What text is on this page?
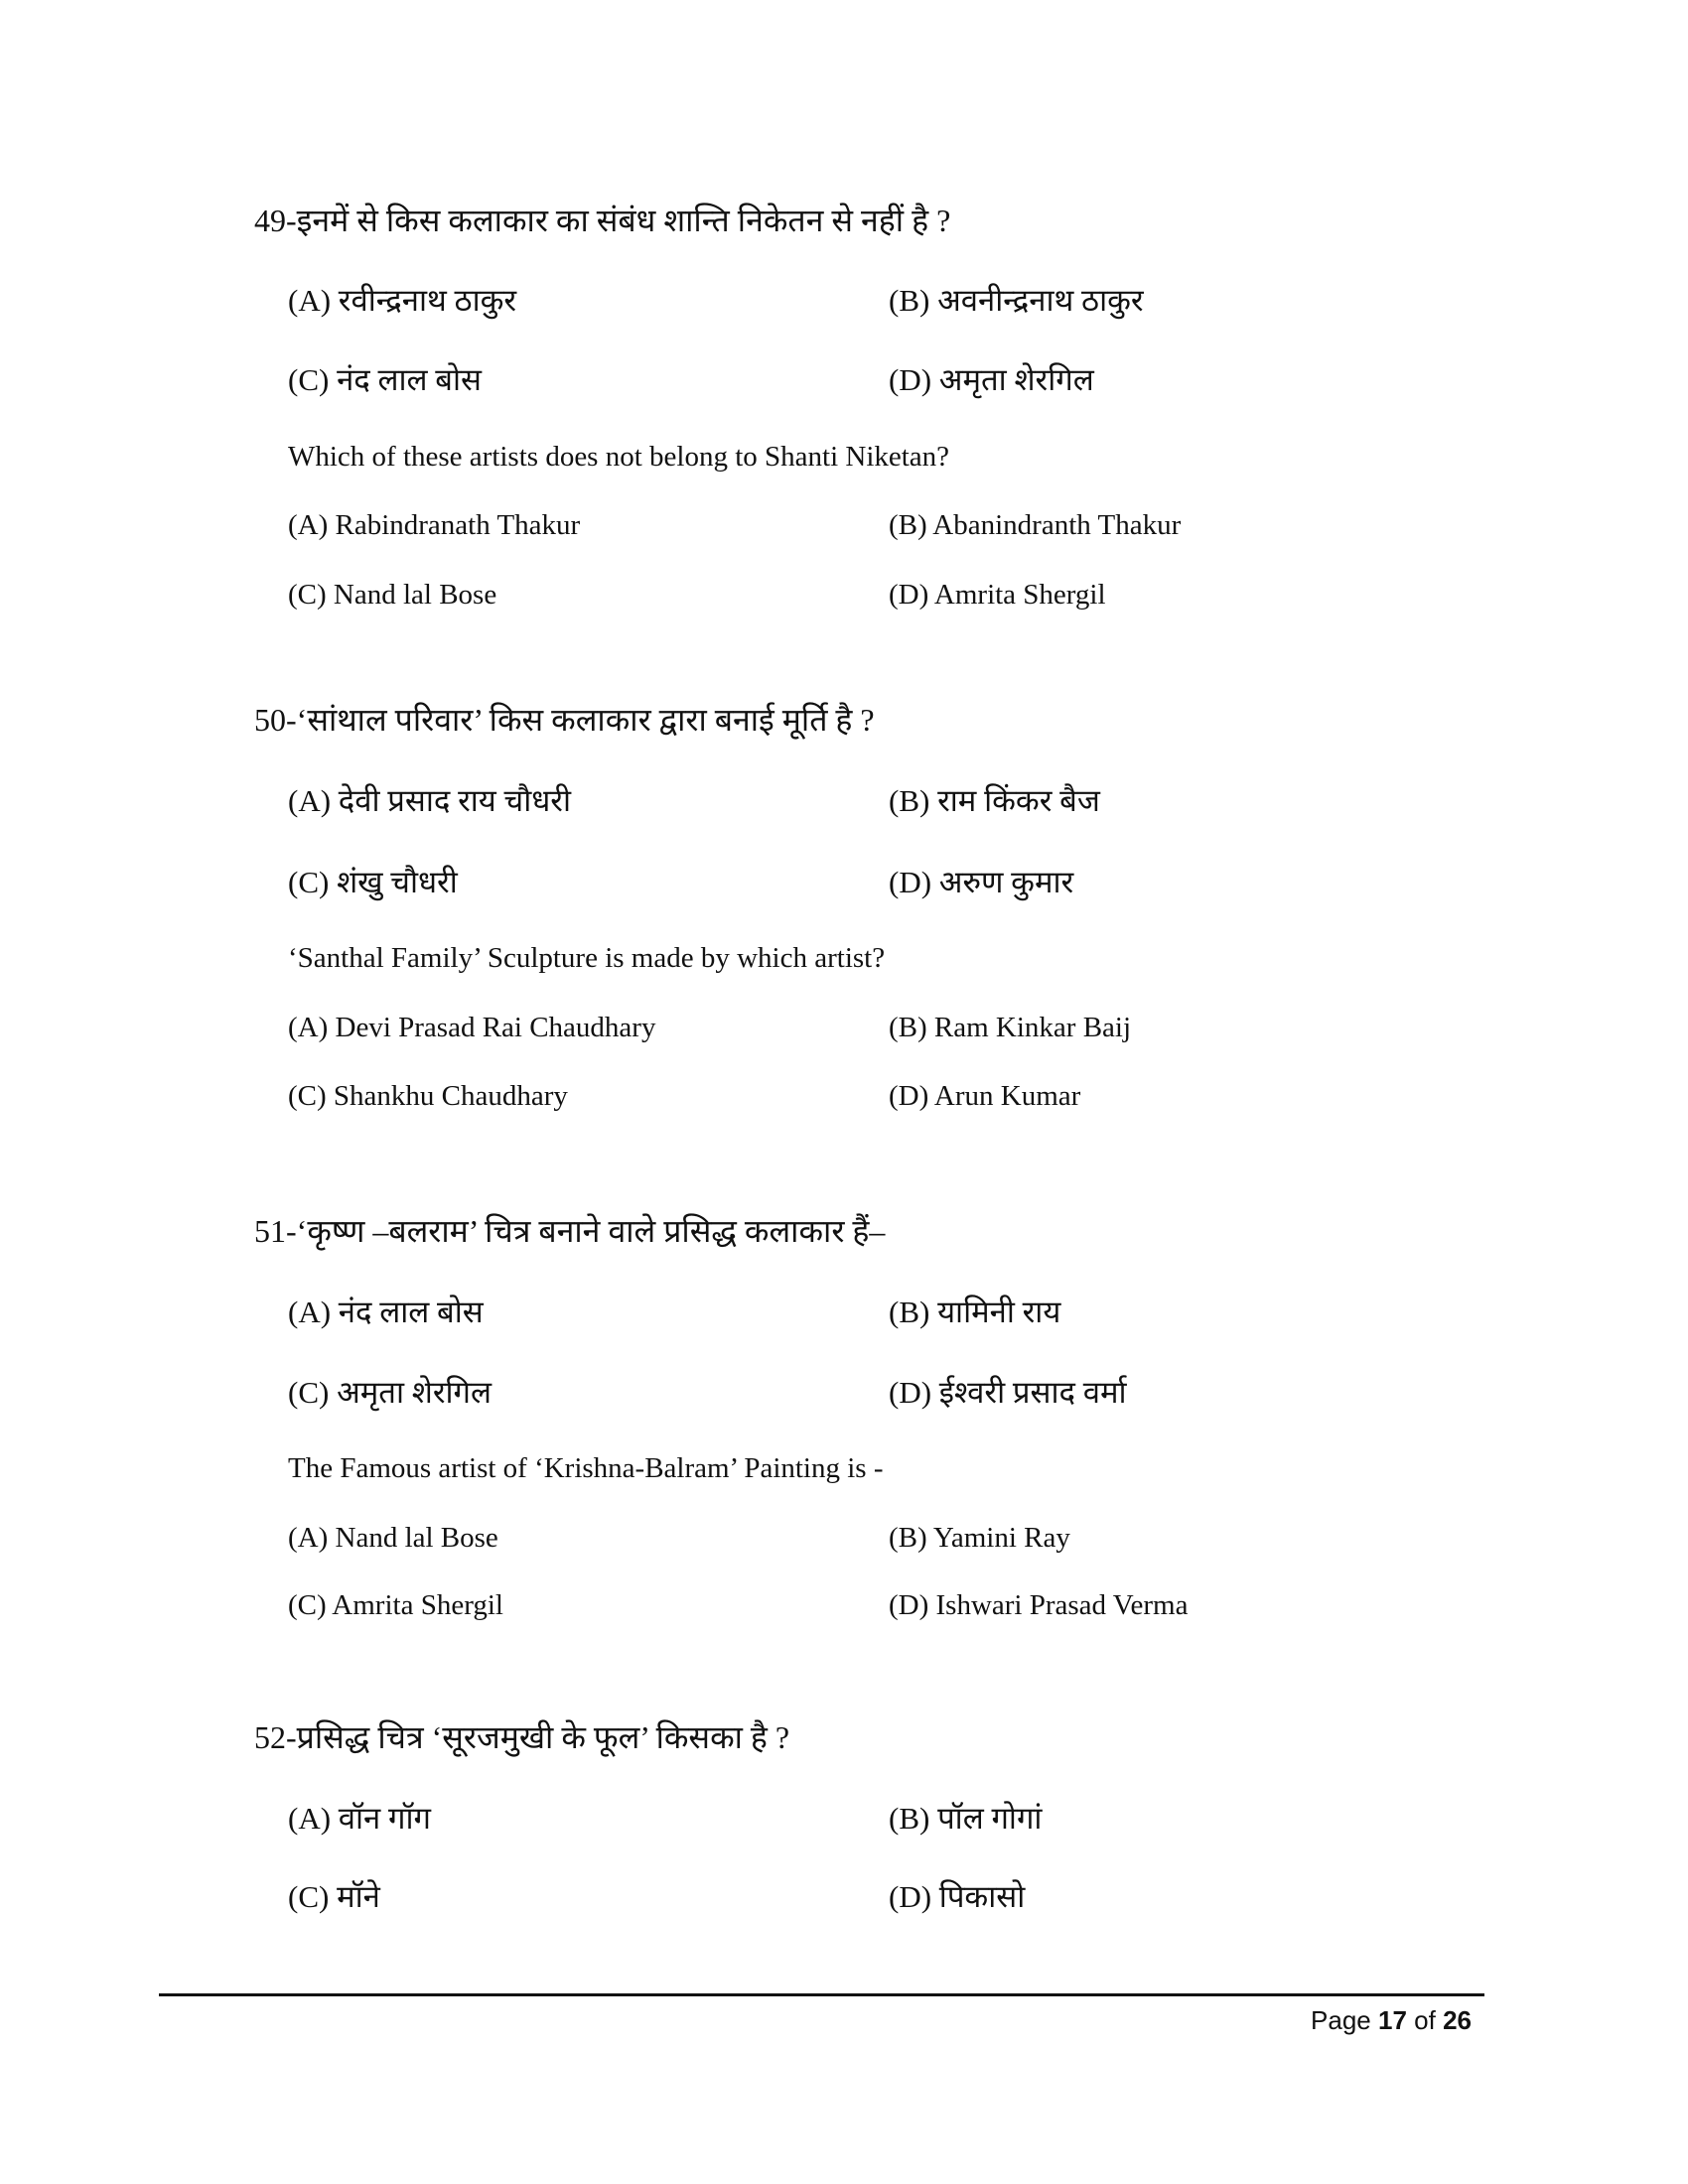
49-इनमें से किस कलाकार का संबंध शान्ति निकेतन से नहीं है ?
(A) रवीन्द्रनाथ ठाकुर	(B) अवनीन्द्रनाथ ठाकुर
(C) नंद लाल बोस	(D) अमृता शेरगिल
Which of these artists does not belong to Shanti Niketan?
(A) Rabindranath Thakur	(B) Abanindranth Thakur
(C) Nand lal Bose	(D) Amrita Shergil
50-‘सांथाल परिवार’ किस कलाकार द्वारा बनाई मूर्ति है ?
(A) देवी प्रसाद राय चौधरी	(B) राम किंकर बैज
(C) शंखु चौधरी	(D) अरुण कुमार
‘Santhal Family’ Sculpture is made by which artist?
(A) Devi Prasad Rai Chaudhary	(B) Ram Kinkar Baij
(C) Shankhu Chaudhary	(D) Arun Kumar
51-‘कृष्ण –बलराम’ चित्र बनाने वाले प्रसिद्ध कलाकार हैं–
(A) नंद लाल बोस	(B) यामिनी राय
(C) अमृता शेरगिल	(D) ईश्वरी प्रसाद वर्मा
The Famous artist of ‘Krishna-Balram’ Painting is -
(A) Nand lal Bose	(B) Yamini Ray
(C) Amrita Shergil	(D) Ishwari Prasad Verma
52-प्रसिद्ध चित्र ‘सूरजमुखी के फूल’ किसका है ?
(A) वॉन गॉग	(B) पॉल गोगां
(C) मॉने	(D) पिकासो
Page 17 of 26
